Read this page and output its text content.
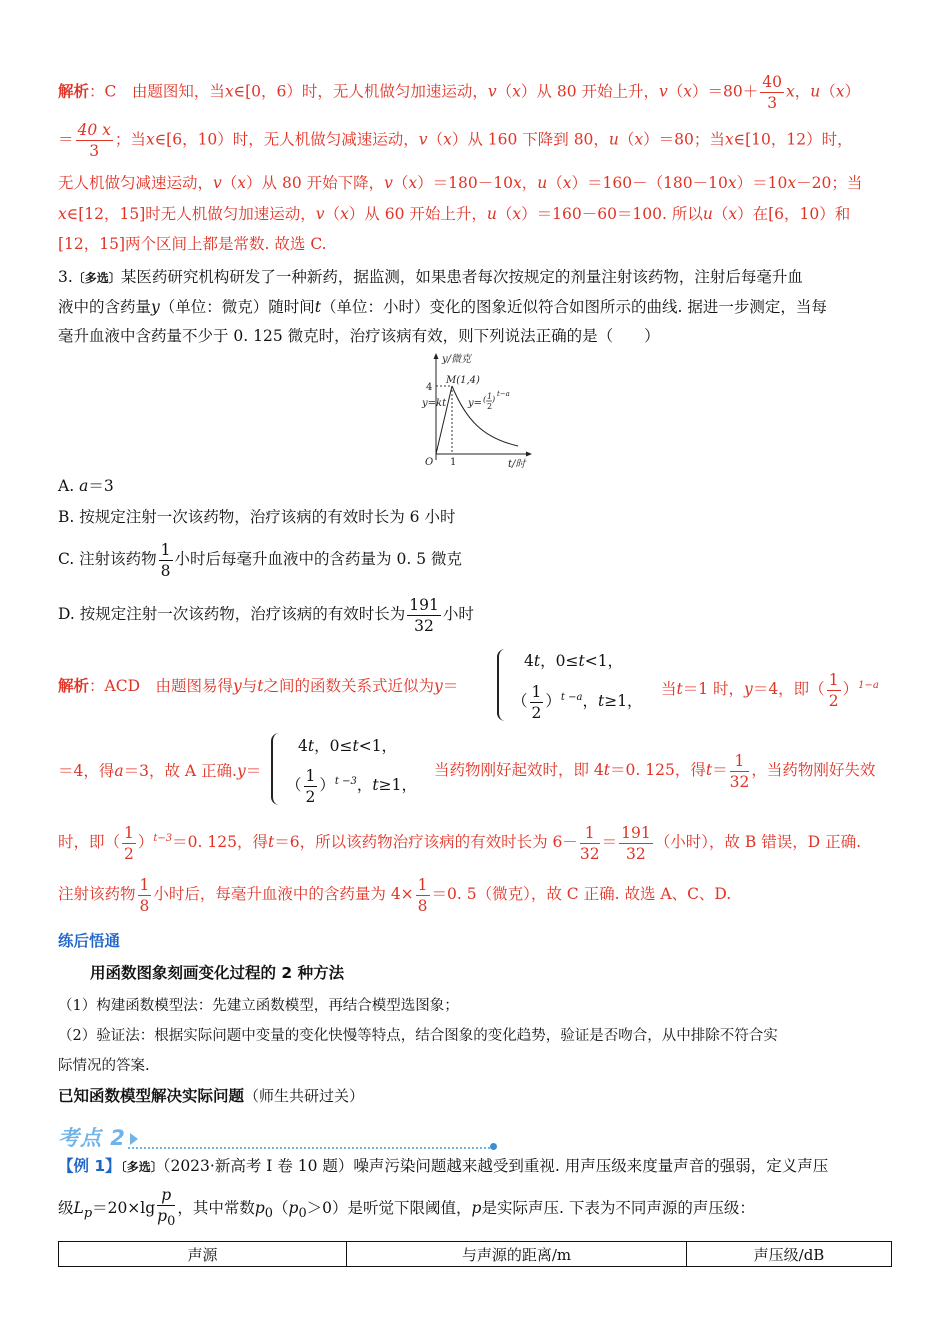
解析：C　由题图知，当x∈[0，6）时，无人机做匀加速运动，v（x）从 80 开始上升，$v(x)=80+ \frac{40}{3}$ x，u（x）
＝ $\frac{40 x}{3}$ ；当x∈[6，10）时，无人机做匀减速运动，v（x）从 160 下降到 80，u（x）＝80；当x∈[10，12）时，
无人机做匀减速运动，v（x）从 80 开始下降，v（x）＝180－10x，u（x）＝160－（180－10x）＝10x－20；当
x∈[12，15]时无人机做匀加速运动，v（x）从 60 开始上升，u（x）＝160－60＝100. 所以u（x）在[6，10）和
[12，15]两个区间上都是常数. 故选 C.
3.〔多选〕某医药研究机构研发了一种新药，据监测，如果患者每次按规定的剂量注射该药物，注射后每毫升血
液中的含药量y（单位：微克）随时间t（单位：小时）变化的图象近似符合如图所示的曲线. 据进一步测定，当每
毫升血液中含药量不少于 0. 125 微克时，治疗该病有效，则下列说法正确的是（　　）
y/微克
t/时
4
O 1
M(1,4)
y=kt y=(1)t−a
2
A. a＝3
B. 按规定注射一次该药物，治疗该病的有效时长为 6 小时
C. 注射该药物 $\frac{1}{8}$ 小时后每毫升血液中的含药量为 0. 5 微克
D. 按规定注射一次该药物，治疗该病的有效时长为 $\frac{191}{32}$ 小时
解析：ACD　由题图易得y与t之间的函数关系式近似为y＝
4t，0≤t<1，
（ $\frac{1}{2} )^{t -a}$，t≥1，
当t＝1 时，y＝4，即（ $\frac{1}{2} )^{1-a}$
＝4，得a＝3，故 A 正确.y＝
4t，0≤t<1，
（ $\frac{1}{2} )^{t -3}$，t≥1，
当药物刚好起效时，即 4t＝0. 125，得$t= \frac{1}{32}$ ，当药物刚好失效
时，即（ $\frac{1}{2} )^{t-3}=0$. 125，得t＝6，所以该药物治疗该病的有效时长为 $6- \frac{1}{32} = \frac{191}{32}$ （小时），故 B 错误，D 正确.
注射该药物 $\frac{1}{8}$ 小时后，每毫升血液中的含药量为 $4\times \frac{1}{8} =0$. 5（微克），故 C 正确. 故选 A、C、D.
练后悟通
用函数图象刻画变化过程的 2 种方法
（1）构建函数模型法：先建立函数模型，再结合模型选图象；
（2）验证法：根据实际问题中变量的变化快慢等特点，结合图象的变化趋势，验证是否吻合，从中排除不符合实
际情况的答案.
已知函数模型解决实际问题（师生共研过关）
考点 2
【例 1】〔多选〕（2023·新高考 Ⅰ 卷 10 题）噪声污染问题越来越受到重视. 用声压级来度量声音的强弱，定义声压
级$L_p=20\times\lg \frac{p}{p_0}$ ，其中常数$p_0(p_0>0)$是听觉下限阈值，p是实际声压. 下表为不同声源的声压级：
声源	与声源的距离/m	声压级/dB
